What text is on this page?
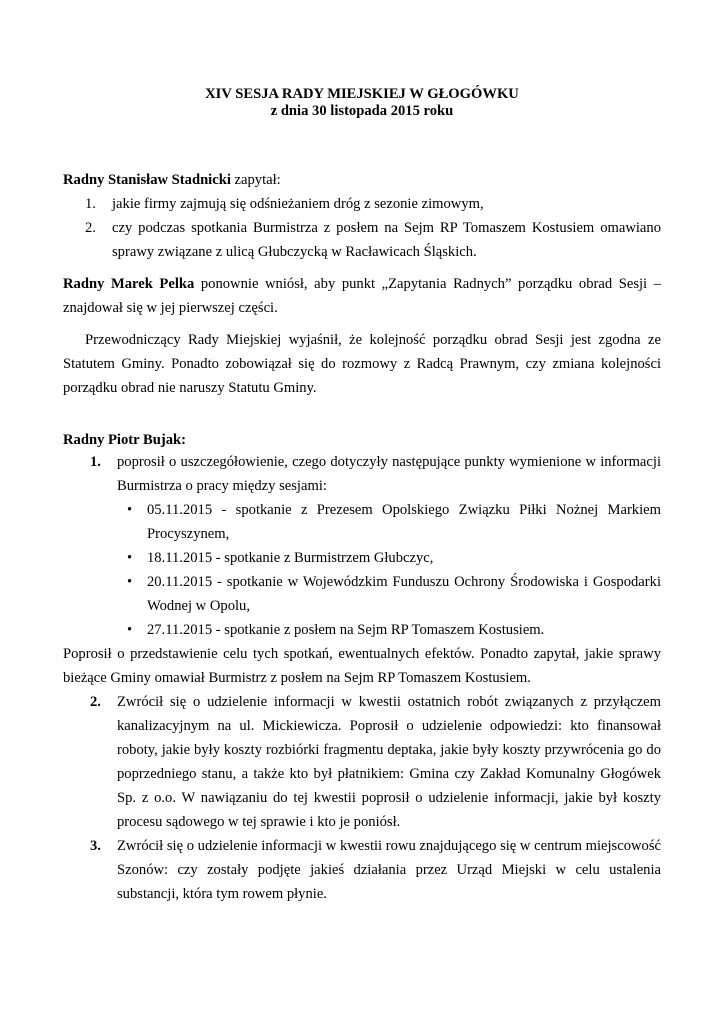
XIV SESJA RADY MIEJSKIEJ W GŁOGÓWKU
z dnia 30 listopada 2015 roku

Radny Stanisław Stadnicki zapytał:

1. jakie firmy zajmują się odśnieżaniem dróg z sezonie zimowym,
2. czy podczas spotkania Burmistrza z posłem na Sejm RP Tomaszem Kostusiem omawiano sprawy związane z ulicą Głubczycką w Racławicach Śląskich.

Radny Marek Pelka ponownie wniósł, aby punkt „Zapytania Radnych” porządku obrad Sesji – znajdował się w jej pierwszej części.

Przewodniczący Rady Miejskiej wyjaśnił, że kolejność porządku obrad Sesji jest zgodna ze Statutem Gminy. Ponadto zobowiązał się do rozmowy z Radcą Prawnym, czy zmiana kolejności porządku obrad nie naruszy Statutu Gminy.

Radny Piotr Bujak:

1. poprosił o uszczegółowienie, czego dotyczyły następujące punkty wymienione w informacji Burmistrza o pracy między sesjami:
• 05.11.2015 - spotkanie z Prezesem Opolskiego Związku Piłki Nożnej Markiem Procyszynem,
• 18.11.2015 - spotkanie z Burmistrzem Głubczyc,
• 20.11.2015 - spotkanie w Wojewódzkim Funduszu Ochrony Środowiska i Gospodarki Wodnej w Opolu,
• 27.11.2015 - spotkanie z posłem na Sejm RP Tomaszem Kostusiem.

Poprosił o przedstawienie celu tych spotkań, ewentualnych efektów. Ponadto zapytał, jakie sprawy bieżące Gminy omawiał Burmistrz z posłem na Sejm RP Tomaszem Kostusiem.

2. Zwrócił się o udzielenie informacji w kwestii ostatnich robót związanych z przyłączem kanalizacyjnym na ul. Mickiewicza. Poprosił o udzielenie odpowiedzi: kto finansował roboty, jakie były koszty rozbiórki fragmentu deptaka, jakie były koszty przywrócenia go do poprzedniego stanu, a także kto był płatnikiem: Gmina czy Zakład Komunalny Głogówek Sp. z o.o. W nawiązaniu do tej kwestii poprosił o udzielenie informacji, jakie był koszty procesu sądowego w tej sprawie i kto je poniósł.
3. Zwrócił się o udzielenie informacji w kwestii rowu znajdującego się w centrum miejscowość Szonów: czy zostały podjęte jakieś działania przez Urząd Miejski w celu ustalenia substancji, która tym rowem płynie.
